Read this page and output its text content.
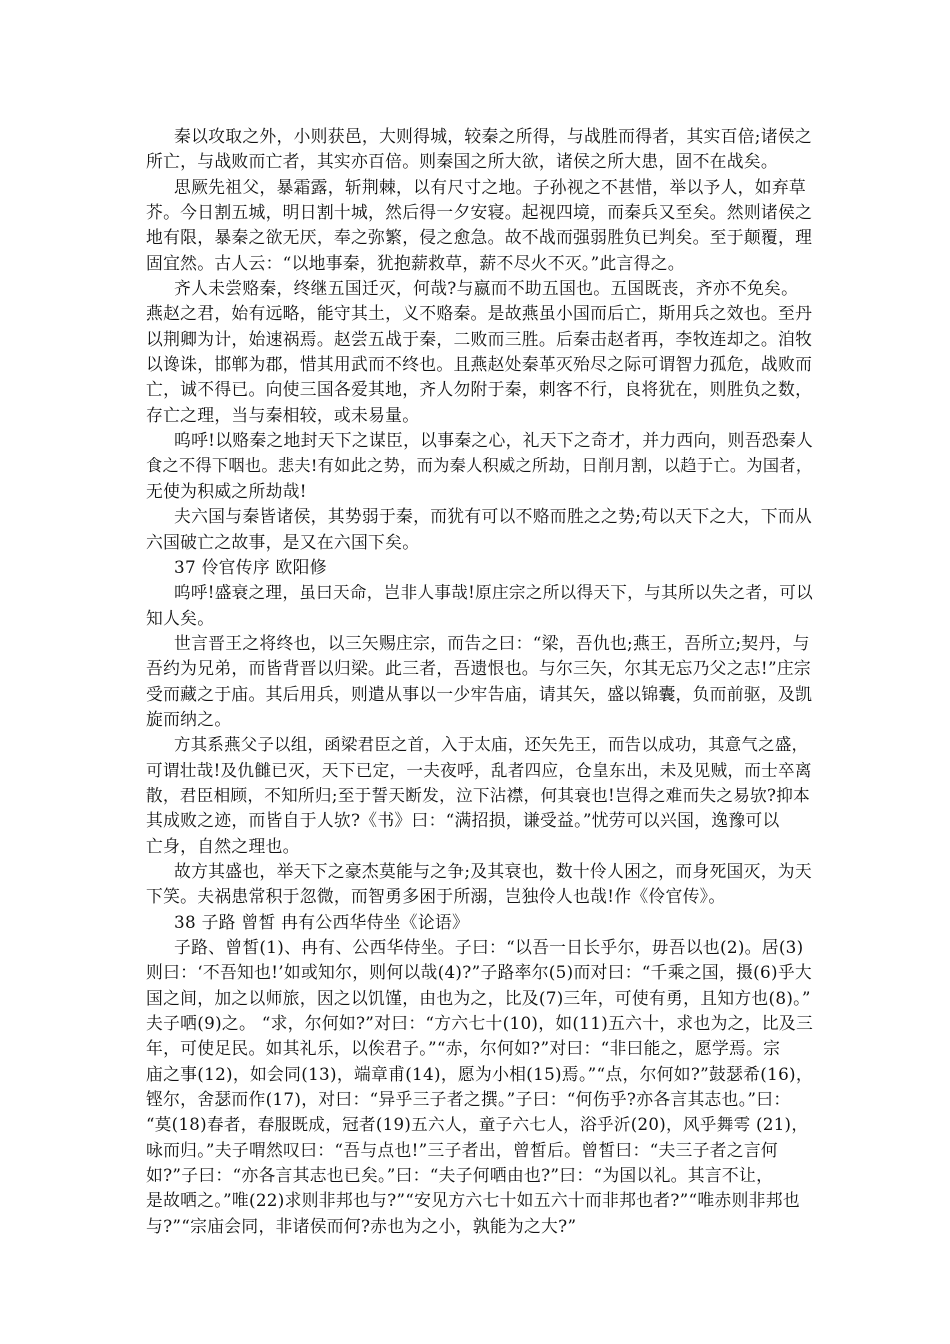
秦以攻取之外，小则获邑，大则得城，较秦之所得，与战胜而得者，其实百倍;诸侯之
所亡，与战败而亡者，其实亦百倍。则秦国之所大欲，诸侯之所大患，固不在战矣。
思厥先祖父，暴霜露，斩荆棘，以有尺寸之地。子孙视之不甚惜，举以予人，如弃草
芥。今日割五城，明日割十城，然后得一夕安寝。起视四境，而秦兵又至矣。然则诸侯之
地有限，暴秦之欲无厌，奉之弥繁，侵之愈急。故不战而强弱胜负已判矣。至于颠覆，理
固宜然。古人云：“以地事秦，犹抱薪救草，薪不尽火不灭。”此言得之。
齐人未尝赂秦，终继五国迁灭，何哉?与嬴而不助五国也。五国既丧，齐亦不免矣。
燕赵之君，始有远略，能守其土，义不赂秦。是故燕虽小国而后亡，斯用兵之效也。至丹
以荆卿为计，始速祸焉。赵尝五战于秦，二败而三胜。后秦击赵者再，李牧连却之。洎牧
以谗诛，邯郸为郡，惜其用武而不终也。且燕赵处秦革灭殆尽之际可谓智力孤危，战败而
亡，诚不得已。向使三国各爱其地，齐人勿附于秦，刺客不行，良将犹在，则胜负之数，
存亡之理，当与秦相较，或未易量。
呜呼!以赂秦之地封天下之谋臣，以事秦之心，礼天下之奇才，并力西向，则吾恐秦人
食之不得下咽也。悲夫!有如此之势，而为秦人积威之所劫，日削月割，以趋于亡。为国者，
无使为积威之所劫哉!
夫六国与秦皆诸侯，其势弱于秦，而犹有可以不赂而胜之之势;苟以天下之大，下而从
六国破亡之故事，是又在六国下矣。
37 伶官传序 欧阳修
呜呼!盛衰之理，虽曰天命，岂非人事哉!原庄宗之所以得天下，与其所以失之者，可以
知人矣。
世言晋王之将终也，以三矢赐庄宗，而告之曰：“梁，吾仇也;燕王，吾所立;契丹，与
吾约为兄弟，而皆背晋以归梁。此三者，吾遗恨也。与尔三矢，尔其无忘乃父之志!”庄宗
受而藏之于庙。其后用兵，则遣从事以一少牢告庙，请其矢，盛以锦囊，负而前驱，及凯
旋而纳之。
方其系燕父子以组，函梁君臣之首，入于太庙，还矢先王，而告以成功，其意气之盛，
可谓壮哉!及仇雠已灭，天下已定，一夫夜呼，乱者四应，仓皇东出，未及见贼，而士卒离
散，君臣相顾，不知所归;至于誓天断发，泣下沾襟，何其衰也!岂得之难而失之易欤?抑本
其成败之迹，而皆自于人欤?《书》曰：“满招损，谦受益。”忧劳可以兴国，逸豫可以
亡身，自然之理也。
故方其盛也，举天下之豪杰莫能与之争;及其衰也，数十伶人困之，而身死国灭，为天
下笑。夫祸患常积于忽微，而智勇多困于所溺，岂独伶人也哉!作《伶官传》。
38 子路 曾皙 冉有公西华侍坐《论语》
子路、曾皙(1)、冉有、公西华侍坐。子曰：“以吾一日长乎尔，毋吾以也(2)。居(3)
则曰：‘不吾知也!’如或知尔，则何以哉(4)?”子路率尔(5)而对曰：“千乘之国，摄(6)乎大
国之间，加之以师旅，因之以饥馑，由也为之，比及(7)三年，可使有勇，且知方也(8)。”
夫子哂(9)之。 “求，尔何如?”对曰：“方六七十(10)，如(11)五六十，求也为之，比及三
年，可使足民。如其礼乐，以俟君子。”“赤，尔何如?”对曰：“非曰能之，愿学焉。宗
庙之事(12)，如会同(13)，端章甫(14)，愿为小相(15)焉。”“点，尔何如?”鼓瑟希(16)，
铿尔，舍瑟而作(17)，对曰：“异乎三子者之撰。”子曰：“何伤乎?亦各言其志也。”曰：
“莫(18)春者，春服既成，冠者(19)五六人，童子六七人，浴乎沂(20)，风乎舞雩 (21)，
咏而归。”夫子喟然叹曰：“吾与点也!”三子者出，曾皙后。曾皙曰：“夫三子者之言何
如?”子曰：“亦各言其志也已矣。”曰：“夫子何哂由也?”曰：“为国以礼。其言不让，
是故哂之。”唯(22)求则非邦也与?”“安见方六七十如五六十而非邦也者?”“唯赤则非邦也
与?”“宗庙会同，非诸侯而何?赤也为之小，孰能为之大?”
